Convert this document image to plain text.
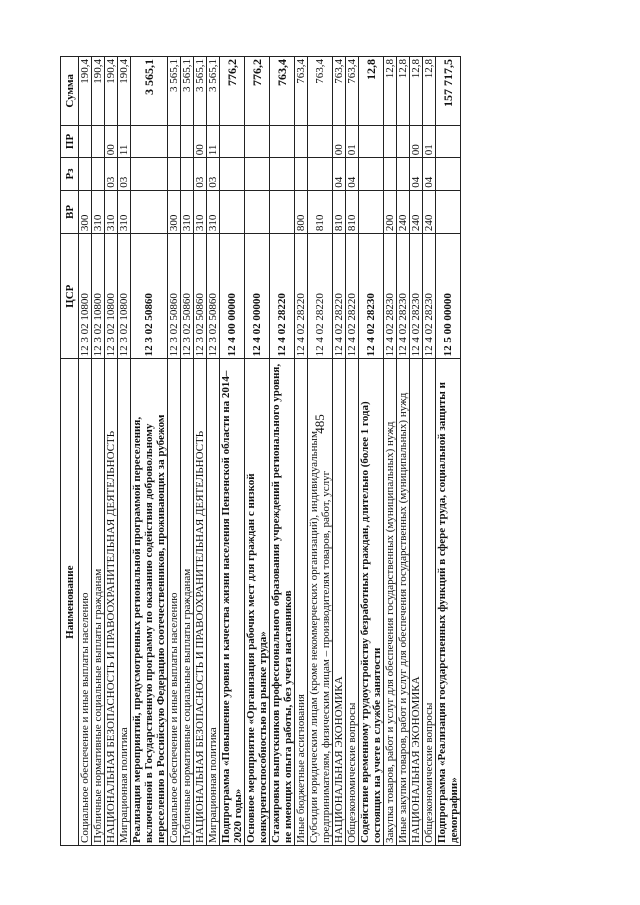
485
Наименование	ЦСР	ВР	Рз	ПР	Сумма
Социальное обеспечение и иные выплаты населению	12 3 02 10800	300			190,4
Публичные нормативные социальные выплаты гражданам	12 3 02 10800	310			190,4
НАЦИОНАЛЬНАЯ БЕЗОПАСНОСТЬ И ПРАВООХРАНИТЕЛЬНАЯ ДЕЯТЕЛЬНОСТЬ	12 3 02 10800	310	03	00	190,4
Миграционная политика	12 3 02 10800	310	03	11	190,4
Реализация мероприятий, предусмотренных региональной программой переселения, включенной в Государственную программу по оказанию содействия добровольному переселению в Российскую Федерацию соотечественников, проживающих за рубежом	12 3 02 50860				3 565,1
Социальное обеспечение и иные выплаты населению	12 3 02 50860	300			3 565,1
Публичные нормативные социальные выплаты гражданам	12 3 02 50860	310			3 565,1
НАЦИОНАЛЬНАЯ БЕЗОПАСНОСТЬ И ПРАВООХРАНИТЕЛЬНАЯ ДЕЯТЕЛЬНОСТЬ	12 3 02 50860	310	03	00	3 565,1
Миграционная политика	12 3 02 50860	310	03	11	3 565,1
Подпрограмма «Повышение уровня и качества жизни населения Пензенской области на 2014–2020 годы»	12 4 00 00000				776,2
Основное мероприятие «Организация рабочих мест для граждан с низкой конкурентоспособностью на рынке труда»	12 4 02 00000				776,2
Стажировки выпускников профессионального образования учреждений регионального уровня, не имеющих опыта работы, без учета наставников	12 4 02 28220				763,4
Иные бюджетные ассигнования	12 4 02 28220	800			763,4
Субсидии юридическим лицам (кроме некоммерческих организаций), индивидуальным предпринимателям, физическим лицам – производителям товаров, работ, услуг	12 4 02 28220	810			763,4
НАЦИОНАЛЬНАЯ ЭКОНОМИКА	12 4 02 28220	810	04	00	763,4
Общеэкономические вопросы	12 4 02 28220	810	04	01	763,4
Содействие временному трудоустройству безработных граждан, длительно (более 1 года) состоящих на учете в службе занятости	12 4 02 28230				12,8
Закупка товаров, работ и услуг для обеспечения государственных (муниципальных) нужд	12 4 02 28230	200			12,8
Иные закупки товаров, работ и услуг для обеспечения государственных (муниципальных) нужд	12 4 02 28230	240			12,8
НАЦИОНАЛЬНАЯ ЭКОНОМИКА	12 4 02 28230	240	04	00	12,8
Общеэкономические вопросы	12 4 02 28230	240	04	01	12,8
Подпрограмма «Реализация государственных функций в сфере труда, социальной защиты и демографии»	12 5 00 00000				157 717,5
